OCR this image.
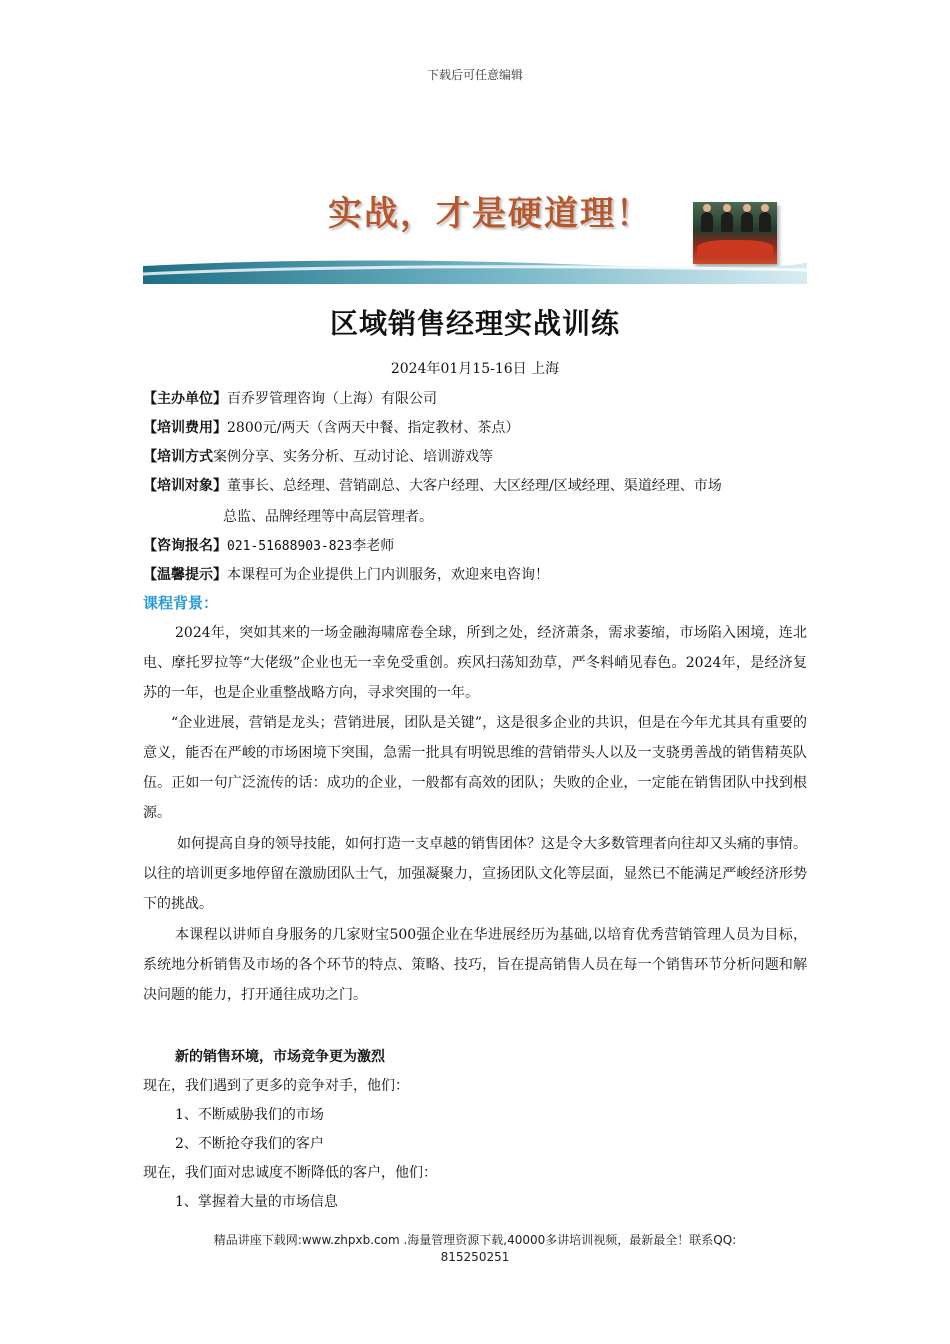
下载后可任意编辑
实战，才是硬道理！
区域销售经理实战训练
2024年01月15-16日 上海
【主办单位】百乔罗管理咨询（上海）有限公司
【培训费用】2800元/两天（含两天中餐、指定教材、茶点）
【培训方式案例分享、实务分析、互动讨论、培训游戏等
【培训对象】董事长、总经理、营销副总、大客户经理、大区经理/区域经理、渠道经理、市场
总监、品牌经理等中高层管理者。
【咨询报名】021-51688903-823李老师
【温馨提示】本课程可为企业提供上门内训服务，欢迎来电咨询！
课程背景：

2024年，突如其来的一场金融海啸席卷全球，所到之处，经济萧条，需求萎缩，市场陷入困境，连北电、摩托罗拉等“大佬级”企业也无一幸免受重创。疾风扫荡知劲草，严冬料峭见春色。2024年，是经济复苏的一年，也是企业重整战略方向，寻求突围的一年。

“企业进展，营销是龙头；营销进展，团队是关键”，这是很多企业的共识，但是在今年尤其具有重要的意义，能否在严峻的市场困境下突围，急需一批具有明锐思维的营销带头人以及一支骁勇善战的销售精英队伍。正如一句广泛流传的话：成功的企业，一般都有高效的团队；失败的企业，一定能在销售团队中找到根源。

如何提高自身的领导技能，如何打造一支卓越的销售团体？这是令大多数管理者向往却又头痛的事情。以往的培训更多地停留在激励团队士气，加强凝聚力，宣扬团队文化等层面，显然已不能满足严峻经济形势下的挑战。

本课程以讲师自身服务的几家财宝500强企业在华进展经历为基础,以培育优秀营销管理人员为目标，系统地分析销售及市场的各个环节的特点、策略、技巧，旨在提高销售人员在每一个销售环节分析问题和解决问题的能力，打开通往成功之门。

新的销售环境，市场竞争更为激烈
现在，我们遇到了更多的竞争对手，他们：
1、不断威胁我们的市场
2、不断抢夺我们的客户
现在，我们面对忠诚度不断降低的客户，他们：
1、掌握着大量的市场信息
精品讲座下载网:www.zhpxb.com .海量管理资源下载,40000多讲培训视频，最新最全！联系QQ:
815250251
